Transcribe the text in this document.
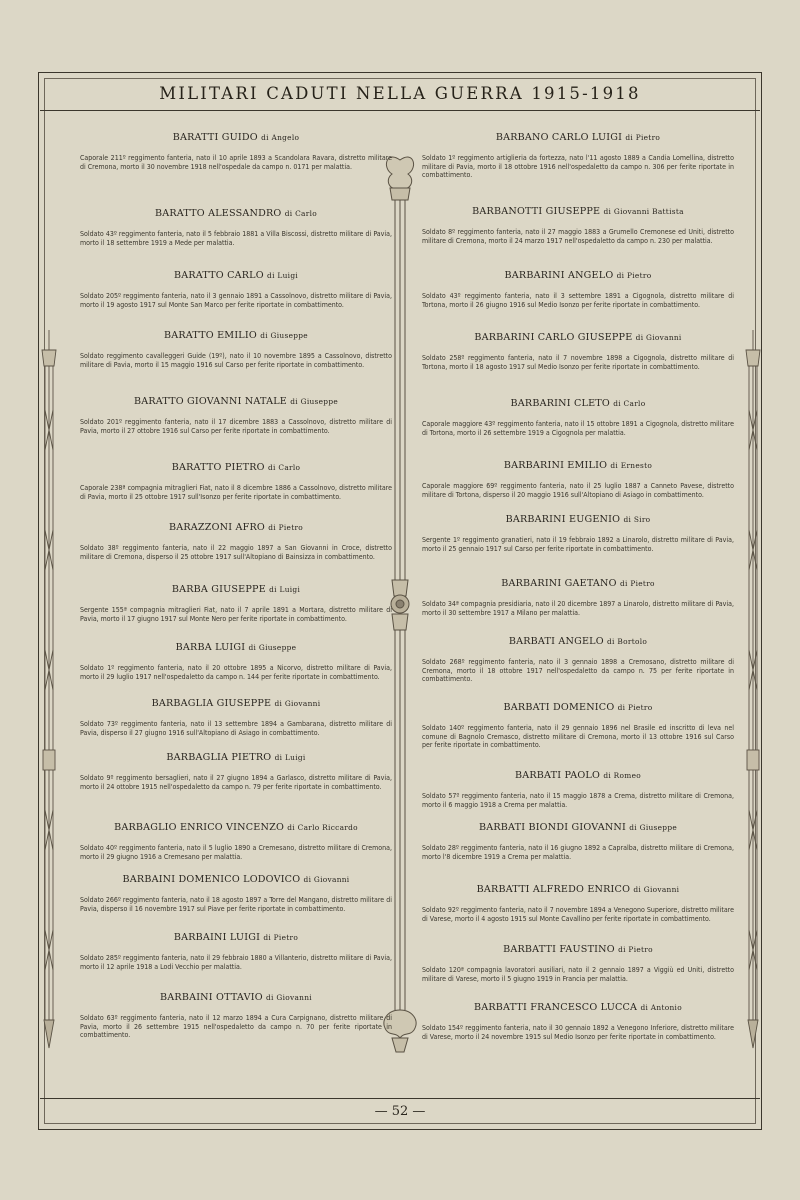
MILITARI CADUTI NELLA GUERRA 1915-1918
BARATTI GUIDO di Angelo
Caporale 211º reggimento fanteria, nato il 10 aprile 1893 a Scandolara Ravara, distretto militare di Cremona, morto il 30 novembre 1918 nell'ospedale da campo n. 0171 per malattia.
BARATTO ALESSANDRO di Carlo
Soldato 43º reggimento fanteria, nato il 5 febbraio 1881 a Villa Biscossi, distretto militare di Pavia, morto il 18 settembre 1919 a Mede per malattia.
BARATTO CARLO di Luigi
Soldato 205º reggimento fanteria, nato il 3 gennaio 1891 a Cassolnovo, distretto militare di Pavia, morto il 19 agosto 1917 sul Monte San Marco per ferite riportate in combattimento.
BARATTO EMILIO di Giuseppe
Soldato reggimento cavalleggeri Guide (19º), nato il 10 novembre 1895 a Cassolnovo, distretto militare di Pavia, morto il 15 maggio 1916 sul Carso per ferite riportate in combattimento.
BARATTO GIOVANNI NATALE di Giuseppe
Soldato 201º reggimento fanteria, nato il 17 dicembre 1883 a Cassolnovo, distretto militare di Pavia, morto il 27 ottobre 1916 sul Carso per ferite riportate in combattimento.
BARATTO PIETRO di Carlo
Caporale 238ª compagnia mitraglieri Fiat, nato il 8 dicembre 1886 a Cassolnovo, distretto militare di Pavia, morto il 25 ottobre 1917 sull'Isonzo per ferite riportate in combattimento.
BARAZZONI AFRO di Pietro
Soldato 38º reggimento fanteria, nato il 22 maggio 1897 a San Giovanni in Croce, distretto militare di Cremona, disperso il 25 ottobre 1917 sull'Altopiano di Bainsizza in combattimento.
BARBA GIUSEPPE di Luigi
Sergente 155ª compagnia mitraglieri Fiat, nato il 7 aprile 1891 a Mortara, distretto militare di Pavia, morto il 17 giugno 1917 sul Monte Nero per ferite riportate in combattimento.
BARBA LUIGI di Giuseppe
Soldato 1º reggimento fanteria, nato il 20 ottobre 1895 a Nicorvo, distretto militare di Pavia, morto il 29 luglio 1917 nell'ospedaletto da campo n. 144 per ferite riportate in combattimento.
BARBAGLIA GIUSEPPE di Giovanni
Soldato 73º reggimento fanteria, nato il 13 settembre 1894 a Gambarana, distretto militare di Pavia, disperso il 27 giugno 1916 sull'Altopiano di Asiago in combattimento.
BARBAGLIA PIETRO di Luigi
Soldato 9º reggimento bersaglieri, nato il 27 giugno 1894 a Garlasco, distretto militare di Pavia, morto il 24 ottobre 1915 nell'ospedaletto da campo n. 79 per ferite riportate in combattimento.
BARBAGLIO ENRICO VINCENZO di Carlo Riccardo
Soldato 40º reggimento fanteria, nato il 5 luglio 1890 a Cremesano, distretto militare di Cremona, morto il 29 giugno 1916 a Cremesano per malattia.
BARBAINI DOMENICO LODOVICO di Giovanni
Soldato 266º reggimento fanteria, nato il 18 agosto 1897 a Torre del Mangano, distretto militare di Pavia, disperso il 16 novembre 1917 sul Piave per ferite riportate in combattimento.
BARBAINI LUIGI di Pietro
Soldato 285º reggimento fanteria, nato il 29 febbraio 1880 a Villanterio, distretto militare di Pavia, morto il 12 aprile 1918 a Lodi Vecchio per malattia.
BARBAINI OTTAVIO di Giovanni
Soldato 63º reggimento fanteria, nato il 12 marzo 1894 a Cura Carpignano, distretto militare di Pavia, morto il 26 settembre 1915 nell'ospedaletto da campo n. 70 per ferite riportate in combattimento.
BARBANO CARLO LUIGI di Pietro
Soldato 1º reggimento artiglieria da fortezza, nato l'11 agosto 1889 a Candia Lomellina, distretto militare di Pavia, morto il 18 ottobre 1916 nell'ospedaletto da campo n. 306 per ferite riportate in combattimento.
BARBANOTTI GIUSEPPE di Giovanni Battista
Soldato 8º reggimento fanteria, nato il 27 maggio 1883 a Grumello Cremonese ed Uniti, distretto militare di Cremona, morto il 24 marzo 1917 nell'ospedaletto da campo n. 230 per malattia.
BARBARINI ANGELO di Pietro
Soldato 43º reggimento fanteria, nato il 3 settembre 1891 a Cigognola, distretto militare di Tortona, morto il 26 giugno 1916 sul Medio Isonzo per ferite riportate in combattimento.
BARBARINI CARLO GIUSEPPE di Giovanni
Soldato 258º reggimento fanteria, nato il 7 novembre 1898 a Cigognola, distretto militare di Tortona, morto il 18 agosto 1917 sul Medio Isonzo per ferite riportate in combattimento.
BARBARINI CLETO di Carlo
Caporale maggiore 43º reggimento fanteria, nato il 15 ottobre 1891 a Cigognola, distretto militare di Tortona, morto il 26 settembre 1919 a Cigognola per malattia.
BARBARINI EMILIO di Ernesto
Caporale maggiore 69º reggimento fanteria, nato il 25 luglio 1887 a Canneto Pavese, distretto militare di Tortona, disperso il 20 maggio 1916 sull'Altopiano di Asiago in combattimento.
BARBARINI EUGENIO di Siro
Sergente 1º reggimento granatieri, nato il 19 febbraio 1892 a Linarolo, distretto militare di Pavia, morto il 25 gennaio 1917 sul Carso per ferite riportate in combattimento.
BARBARINI GAETANO di Pietro
Soldato 34ª compagnia presidiaria, nato il 20 dicembre 1897 a Linarolo, distretto militare di Pavia, morto il 30 settembre 1917 a Milano per malattia.
BARBATI ANGELO di Bortolo
Soldato 268º reggimento fanteria, nato il 3 gennaio 1898 a Cremosano, distretto militare di Cremona, morto il 18 ottobre 1917 nell'ospedaletto da campo n. 75 per ferite riportate in combattimento.
BARBATI DOMENICO di Pietro
Soldato 140º reggimento fanteria, nato il 29 gennaio 1896 nel Brasile ed inscritto di leva nel comune di Bagnolo Cremasco, distretto militare di Cremona, morto il 13 ottobre 1916 sul Carso per ferite riportate in combattimento.
BARBATI PAOLO di Romeo
Soldato 57º reggimento fanteria, nato il 15 maggio 1878 a Crema, distretto militare di Cremona, morto il 6 maggio 1918 a Crema per malattia.
BARBATI BIONDI GIOVANNI di Giuseppe
Soldato 28º reggimento fanteria, nato il 16 giugno 1892 a Capralba, distretto militare di Cremona, morto l'8 dicembre 1919 a Crema per malattia.
BARBATTI ALFREDO ENRICO di Giovanni
Soldato 92º reggimento fanteria, nato il 7 novembre 1894 a Venegono Superiore, distretto militare di Varese, morto il 4 agosto 1915 sul Monte Cavallino per ferite riportate in combattimento.
BARBATTI FAUSTINO di Pietro
Soldato 120ª compagnia lavoratori ausiliari, nato il 2 gennaio 1897 a Viggiù ed Uniti, distretto militare di Varese, morto il 5 giugno 1919 in Francia per malattia.
BARBATTI FRANCESCO LUCCA di Antonio
Soldato 154º reggimento fanteria, nato il 30 gennaio 1892 a Venegono Inferiore, distretto militare di Varese, morto il 24 novembre 1915 sul Medio Isonzo per ferite riportate in combattimento.
— 52 —
